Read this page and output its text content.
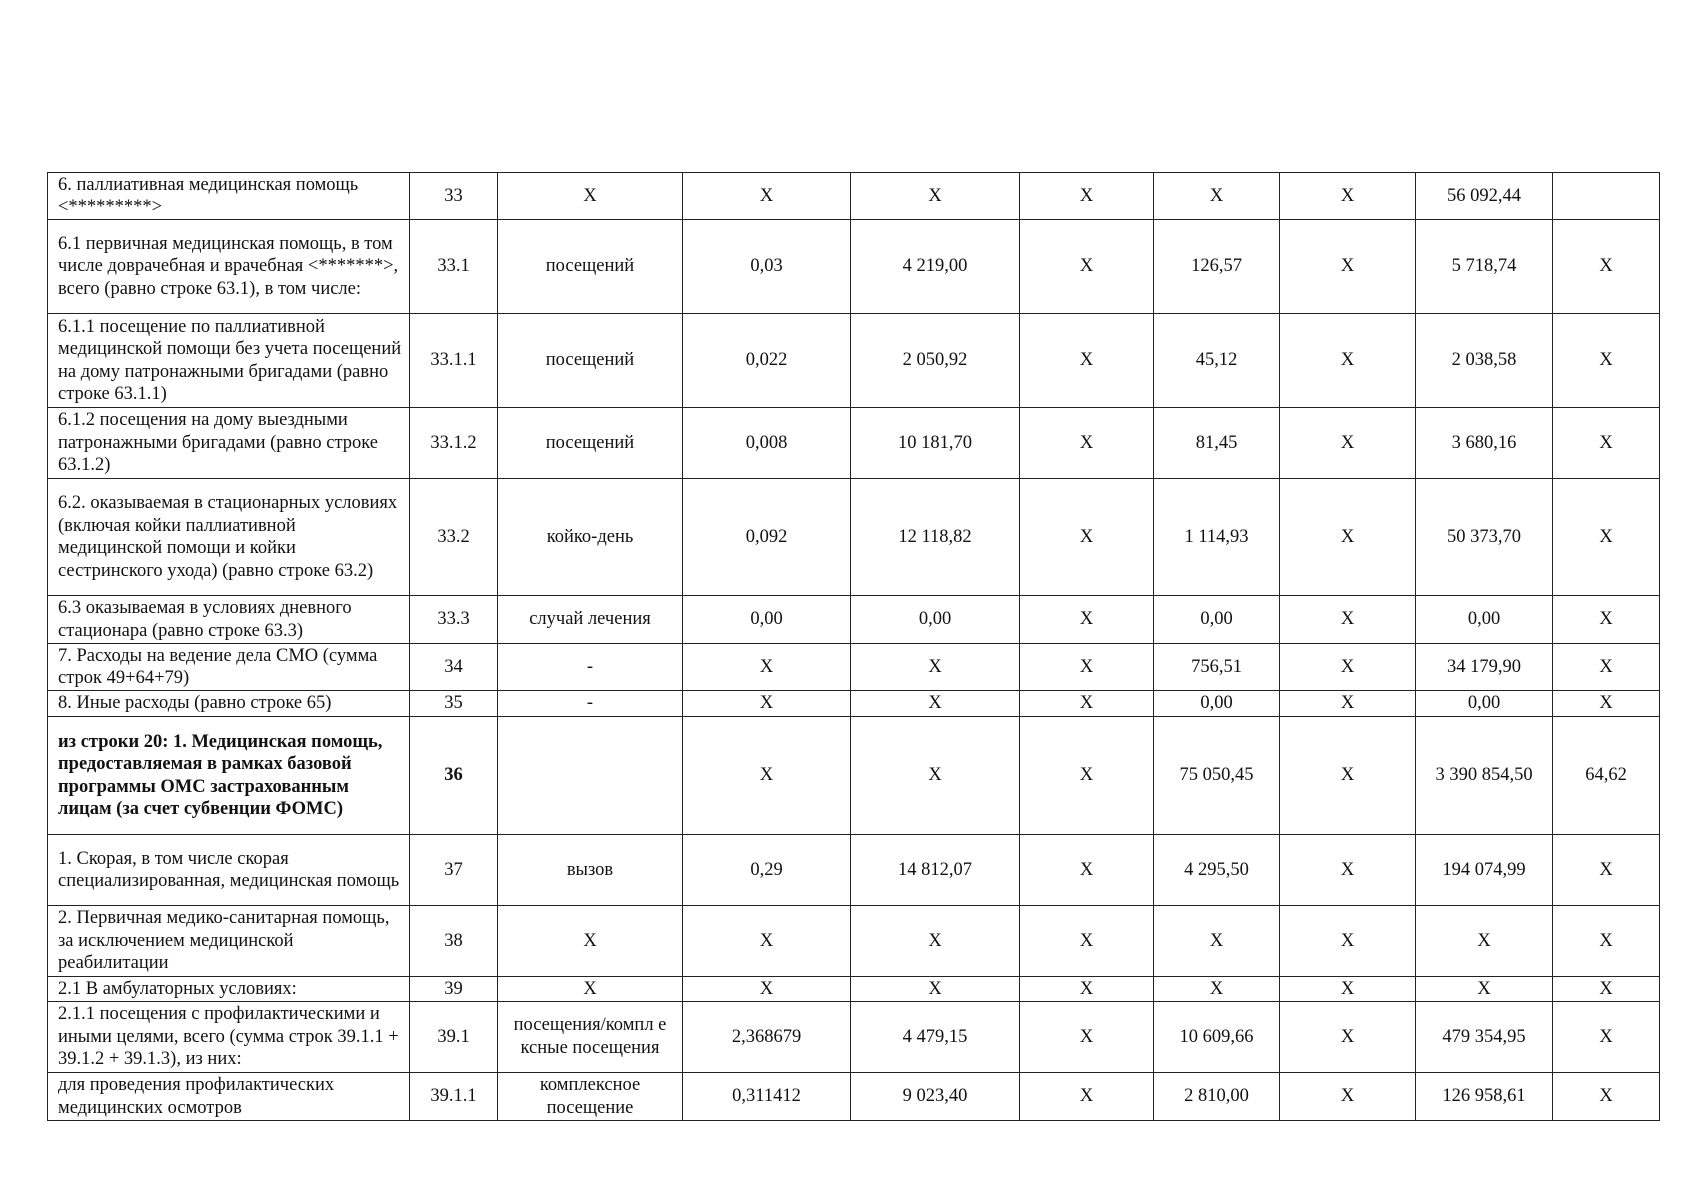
6. паллиативная медицинская помощь <*********>	33	X	X	X	X	X	X	56 092,44	
6.1 первичная медицинская помощь, в том числе доврачебная и врачебная <*******>, всего (равно строке 63.1), в том числе:	33.1	посещений	0,03	4 219,00	X	126,57	X	5 718,74	X
6.1.1 посещение по паллиативной медицинской помощи без учета посещений на дому патронажными бригадами (равно строке 63.1.1)	33.1.1	посещений	0,022	2 050,92	X	45,12	X	2 038,58	X
6.1.2 посещения на дому выездными патронажными бригадами (равно строке 63.1.2)	33.1.2	посещений	0,008	10 181,70	X	81,45	X	3 680,16	X
6.2. оказываемая в стационарных условиях (включая койки паллиативной медицинской помощи и койки сестринского ухода) (равно строке 63.2)	33.2	койко-день	0,092	12 118,82	X	1 114,93	X	50 373,70	X
6.3 оказываемая в условиях дневного стационара (равно строке 63.3)	33.3	случай лечения	0,00	0,00	X	0,00	X	0,00	X
7. Расходы на ведение дела СМО (сумма строк 49+64+79)	34	-	X	X	X	756,51	X	34 179,90	X
8. Иные расходы (равно строке 65)	35	-	X	X	X	0,00	X	0,00	X
из строки 20: 1. Медицинская помощь, предоставляемая в рамках базовой программы ОМС застрахованным лицам (за счет субвенции ФОМС)	36		X	X	X	75 050,45	X	3 390 854,50	64,62
1. Скорая, в том числе скорая специализированная, медицинская помощь	37	вызов	0,29	14 812,07	X	4 295,50	X	194 074,99	X
2. Первичная медико-санитарная помощь, за исключением медицинской реабилитации	38	X	X	X	X	X	X	X	X
2.1 В амбулаторных условиях:	39	X	X	X	X	X	X	X	X
2.1.1 посещения с профилактическими и иными целями, всего (сумма строк 39.1.1 + 39.1.2 + 39.1.3), из них:	39.1	посещения/компл е ксные посещения	2,368679	4 479,15	X	10 609,66	X	479 354,95	X
для проведения профилактических медицинских осмотров	39.1.1	комплексное посещение	0,311412	9 023,40	X	2 810,00	X	126 958,61	X
